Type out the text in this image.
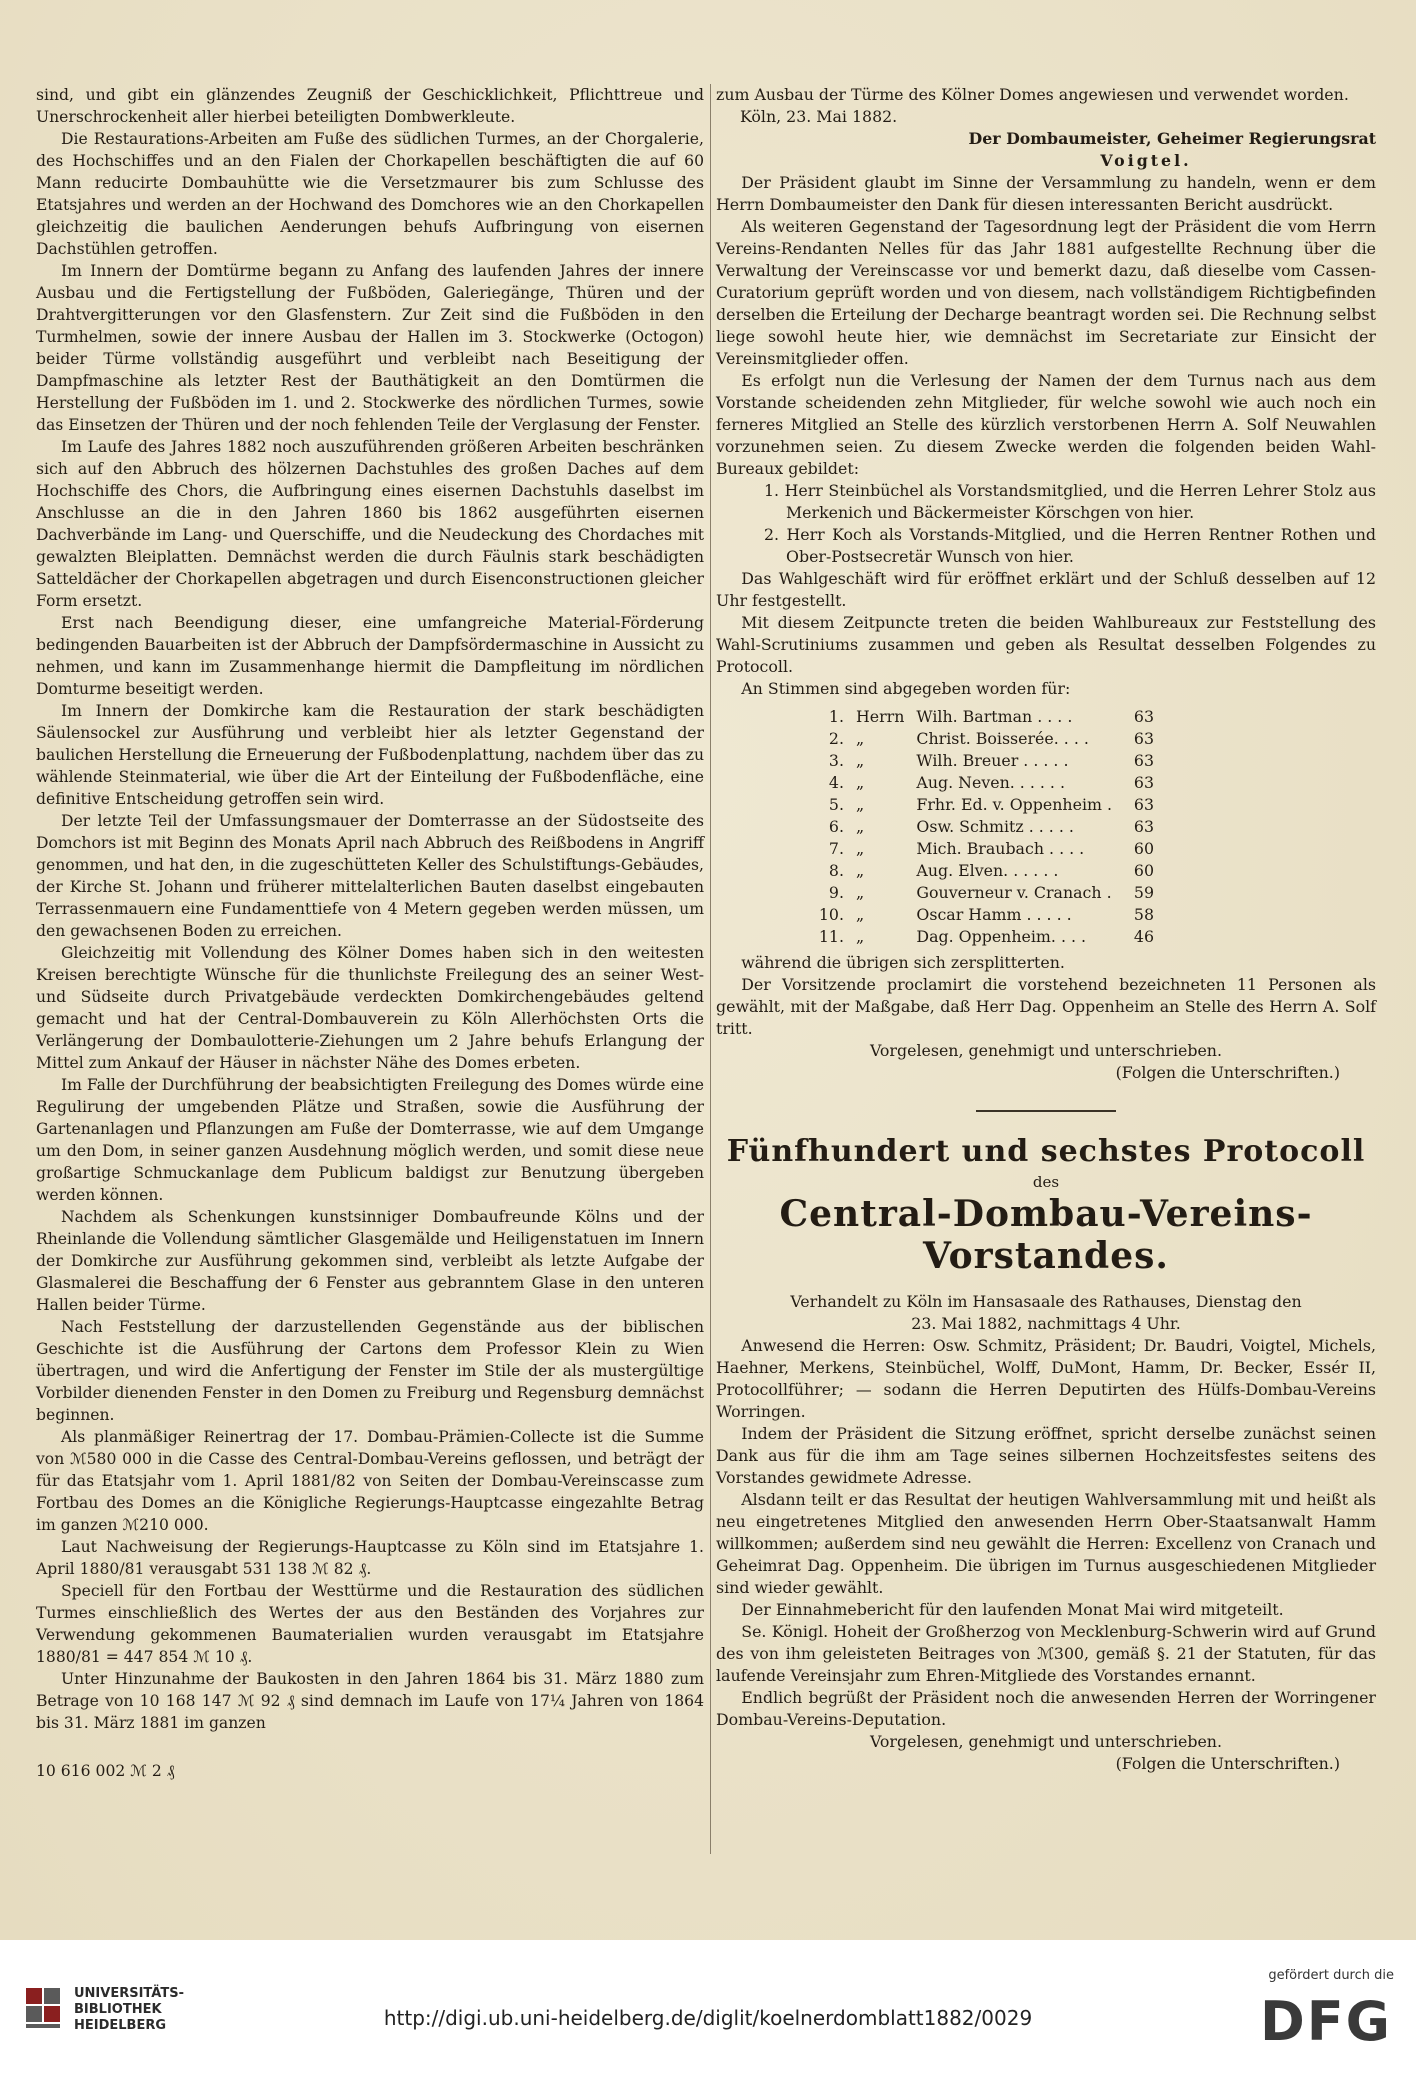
sind, und gibt ein glänzendes Zeugniß der Geschicklichkeit, Pflichttreue und Unerschrockenheit aller hierbei beteiligten Dombwerkleute.

Die Restaurations-Arbeiten am Fuße des südlichen Turmes, an der Chorgalerie, des Hochschiffes und an den Fialen der Chorkapellen beschäftigten die auf 60 Mann reducirte Dombauhütte wie die Versetzmaurer bis zum Schlusse des Etatsjahres und werden an der Hochwand des Domchores wie an den Chorkapellen gleichzeitig die baulichen Aenderungen behufs Aufbringung von eisernen Dachstühlen getroffen.

Im Innern der Domtürme begann zu Anfang des laufenden Jahres der innere Ausbau und die Fertigstellung der Fußböden, Galeriegänge, Thüren und der Drahtvergitterungen vor den Glasfenstern. Zur Zeit sind die Fußböden in den Turmhelmen, sowie der innere Ausbau der Hallen im 3. Stockwerke (Octogon) beider Türme vollständig ausgeführt und verbleibt nach Beseitigung der Dampfmaschine als letzter Rest der Bauthätigkeit an den Domtürmen die Herstellung der Fußböden im 1. und 2. Stockwerke des nördlichen Turmes, sowie das Einsetzen der Thüren und der noch fehlenden Teile der Verglasung der Fenster.

Im Laufe des Jahres 1882 noch auszuführenden größeren Arbeiten beschränken sich auf den Abbruch des hölzernen Dachstuhles des großen Daches auf dem Hochschiffe des Chors, die Aufbringung eines eisernen Dachstuhls daselbst im Anschlusse an die in den Jahren 1860 bis 1862 ausgeführten eisernen Dachverbände im Lang- und Querschiffe, und die Neudeckung des Chordaches mit gewalzten Bleiplatten. Demnächst werden die durch Fäulnis stark beschädigten Satteldächer der Chorkapellen abgetragen und durch Eisenconstructionen gleicher Form ersetzt.

Erst nach Beendigung dieser, eine umfangreiche Material-Förderung bedingenden Bauarbeiten ist der Abbruch der Dampfsördermaschine in Aussicht zu nehmen, und kann im Zusammenhange hiermit die Dampfleitung im nördlichen Domturme beseitigt werden.

Im Innern der Domkirche kam die Restauration der stark beschädigten Säulensockel zur Ausführung und verbleibt hier als letzter Gegenstand der baulichen Herstellung die Erneuerung der Fußbodenplattung, nachdem über das zu wählende Steinmaterial, wie über die Art der Einteilung der Fußbodenfläche, eine definitive Entscheidung getroffen sein wird.

Der letzte Teil der Umfassungsmauer der Domterrasse an der Südostseite des Domchors ist mit Beginn des Monats April nach Abbruch des Reißbodens in Angriff genommen, und hat den, in die zugeschütteten Keller des Schulstiftungs-Gebäudes, der Kirche St. Johann und früherer mittelalterlichen Bauten daselbst eingebauten Terrassenmauern eine Fundamenttiefe von 4 Metern gegeben werden müssen, um den gewachsenen Boden zu erreichen.

Gleichzeitig mit Vollendung des Kölner Domes haben sich in den weitesten Kreisen berechtigte Wünsche für die thunlichste Freilegung des an seiner West- und Südseite durch Privatgebäude verdeckten Domkirchengebäudes geltend gemacht und hat der Central-Dombauverein zu Köln Allerhöchsten Orts die Verlängerung der Dombaulotterie-Ziehungen um 2 Jahre behufs Erlangung der Mittel zum Ankauf der Häuser in nächster Nähe des Domes erbeten.

Im Falle der Durchführung der beabsichtigten Freilegung des Domes würde eine Regulirung der umgebenden Plätze und Straßen, sowie die Ausführung der Gartenanlagen und Pflanzungen am Fuße der Domterrasse, wie auf dem Umgange um den Dom, in seiner ganzen Ausdehnung möglich werden, und somit diese neue großartige Schmuckanlage dem Publicum baldigst zur Benutzung übergeben werden können.

Nachdem als Schenkungen kunstsinniger Dombaufreunde Kölns und der Rheinlande die Vollendung sämtlicher Glasgemälde und Heiligenstatuen im Innern der Domkirche zur Ausführung gekommen sind, verbleibt als letzte Aufgabe der Glasmalerei die Beschaffung der 6 Fenster aus gebranntem Glase in den unteren Hallen beider Türme.

Nach Feststellung der darzustellenden Gegenstände aus der biblischen Geschichte ist die Ausführung der Cartons dem Professor Klein zu Wien übertragen, und wird die Anfertigung der Fenster im Stile der als mustergültige Vorbilder dienenden Fenster in den Domen zu Freiburg und Regensburg demnächst beginnen.

Als planmäßiger Reinertrag der 17. Dombau-Prämien-Collecte ist die Summe von ℳ580 000 in die Casse des Central-Dombau-Vereins geflossen, und beträgt der für das Etatsjahr vom 1. April 1881/82 von Seiten der Dombau-Vereinscasse zum Fortbau des Domes an die Königliche Regierungs-Hauptcasse eingezahlte Betrag im ganzen ℳ210 000.

Laut Nachweisung der Regierungs-Hauptcasse zu Köln sind im Etatsjahre 1. April 1880/81 verausgabt 531 138 ℳ 82 ₰.

Speciell für den Fortbau der Westtürme und die Restauration des südlichen Turmes einschließlich des Wertes der aus den Beständen des Vorjahres zur Verwendung gekommenen Baumaterialien wurden verausgabt im Etatsjahre 1880/81 = 447 854 ℳ 10 ₰.

Unter Hinzunahme der Baukosten in den Jahren 1864 bis 31. März 1880 zum Betrage von 10 168 147 ℳ 92 ₰ sind demnach im Laufe von 17¼ Jahren von 1864 bis 31. März 1881 im ganzen

10 616 002 ℳ 2 ₰

zum Ausbau der Türme des Kölner Domes angewiesen und verwendet worden.

Köln, 23. Mai 1882.

Der Dombaumeister, Geheimer Regierungsrat

Voigtel.

Der Präsident glaubt im Sinne der Versammlung zu handeln, wenn er dem Herrn Dombaumeister den Dank für diesen interessanten Bericht ausdrückt.

Als weiteren Gegenstand der Tagesordnung legt der Präsident die vom Herrn Vereins-Rendanten Nelles für das Jahr 1881 aufgestellte Rechnung über die Verwaltung der Vereinscasse vor und bemerkt dazu, daß dieselbe vom Cassen-Curatorium geprüft worden und von diesem, nach vollständigem Richtigbefinden derselben die Erteilung der Decharge beantragt worden sei. Die Rechnung selbst liege sowohl heute hier, wie demnächst im Secretariate zur Einsicht der Vereinsmitglieder offen.

Es erfolgt nun die Verlesung der Namen der dem Turnus nach aus dem Vorstande scheidenden zehn Mitglieder, für welche sowohl wie auch noch ein ferneres Mitglied an Stelle des kürzlich verstorbenen Herrn A. Solf Neuwahlen vorzunehmen seien. Zu diesem Zwecke werden die folgenden beiden Wahl-Bureaux gebildet:

1. Herr Steinbüchel als Vorstandsmitglied, und die Herren Lehrer Stolz aus Merkenich und Bäckermeister Körschgen von hier.

2. Herr Koch als Vorstands-Mitglied, und die Herren Rentner Rothen und Ober-Postsecretär Wunsch von hier.

Das Wahlgeschäft wird für eröffnet erklärt und der Schluß desselben auf 12 Uhr festgestellt.

Mit diesem Zeitpuncte treten die beiden Wahlbureaux zur Feststellung des Wahl-Scrutiniums zusammen und geben als Resultat desselben Folgendes zu Protocoll.

An Stimmen sind abgegeben worden für:

1.	Herrn	Wilh. Bartman . . . .	63
2.	„	Christ. Boisserée. . . .	63
3.	„	Wilh. Breuer . . . . .	63
4.	„	Aug. Neven. . . . . .	63
5.	„	Frhr. Ed. v. Oppenheim .	63
6.	„	Osw. Schmitz . . . . .	63
7.	„	Mich. Braubach . . . .	60
8.	„	Aug. Elven. . . . . .	60
9.	„	Gouverneur v. Cranach .	59
10.	„	Oscar Hamm . . . . .	58
11.	„	Dag. Oppenheim. . . .	46

während die übrigen sich zersplitterten.

Der Vorsitzende proclamirt die vorstehend bezeichneten 11 Personen als gewählt, mit der Maßgabe, daß Herr Dag. Oppenheim an Stelle des Herrn A. Solf tritt.

Vorgelesen, genehmigt und unterschrieben.

(Folgen die Unterschriften.)

Fünfhundert und sechstes Protocoll
des
Central-Dombau-Vereins-Vorstandes.

Verhandelt zu Köln im Hansasaale des Rathauses, Dienstag den 23. Mai 1882, nachmittags 4 Uhr.

Anwesend die Herren: Osw. Schmitz, Präsident; Dr. Baudri, Voigtel, Michels, Haehner, Merkens, Steinbüchel, Wolff, DuMont, Hamm, Dr. Becker, Essér II, Protocollführer; — sodann die Herren Deputirten des Hülfs-Dombau-Vereins Worringen.

Indem der Präsident die Sitzung eröffnet, spricht derselbe zunächst seinen Dank aus für die ihm am Tage seines silbernen Hochzeitsfestes seitens des Vorstandes gewidmete Adresse.

Alsdann teilt er das Resultat der heutigen Wahlversammlung mit und heißt als neu eingetretenes Mitglied den anwesenden Herrn Ober-Staatsanwalt Hamm willkommen; außerdem sind neu gewählt die Herren: Excellenz von Cranach und Geheimrat Dag. Oppenheim. Die übrigen im Turnus ausgeschiedenen Mitglieder sind wieder gewählt.

Der Einnahmebericht für den laufenden Monat Mai wird mitgeteilt.

Se. Königl. Hoheit der Großherzog von Mecklenburg-Schwerin wird auf Grund des von ihm geleisteten Beitrages von ℳ300, gemäß §. 21 der Statuten, für das laufende Vereinsjahr zum Ehren-Mitgliede des Vorstandes ernannt.

Endlich begrüßt der Präsident noch die anwesenden Herren der Worringener Dombau-Vereins-Deputation.

Vorgelesen, genehmigt und unterschrieben.

(Folgen die Unterschriften.)

UNIVERSITÄTS-
BIBLIOTHEK
HEIDELBERG	http://digi.ub.uni-heidelberg.de/diglit/koelnerdomblatt1882/0029
gefördert durch die
DFG
